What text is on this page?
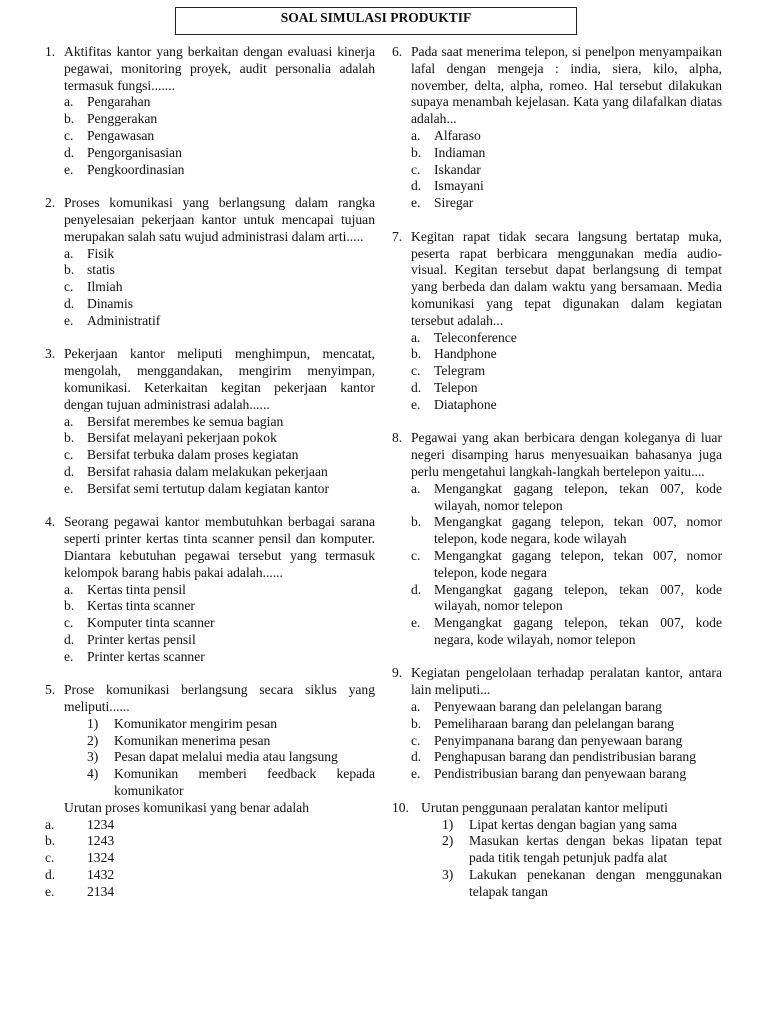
SOAL SIMULASI PRODUKTIF
1. Aktifitas kantor yang berkaitan dengan evaluasi kinerja pegawai, monitoring proyek, audit personalia adalah termasuk fungsi.......
a. Pengarahan
b. Penggerakan
c. Pengawasan
d. Pengorganisasian
e. Pengkoordinasian
2. Proses komunikasi yang berlangsung dalam rangka penyelesaian pekerjaan kantor untuk mencapai tujuan merupakan salah satu wujud administrasi dalam arti.....
a. Fisik
b. statis
c. Ilmiah
d. Dinamis
e. Administratif
3. Pekerjaan kantor meliputi menghimpun, mencatat, mengolah, menggandakan, mengirim menyimpan, komunikasi. Keterkaitan kegitan pekerjaan kantor dengan tujuan administrasi adalah......
a. Bersifat merembes ke semua bagian
b. Bersifat melayani pekerjaan pokok
c. Bersifat terbuka dalam proses kegiatan
d. Bersifat rahasia dalam melakukan pekerjaan
e. Bersifat semi tertutup dalam kegiatan kantor
4. Seorang pegawai kantor membutuhkan berbagai sarana seperti printer kertas tinta scanner pensil dan komputer. Diantara kebutuhan pegawai tersebut yang termasuk kelompok barang habis pakai adalah......
a. Kertas tinta pensil
b. Kertas tinta scanner
c. Komputer tinta scanner
d. Printer kertas pensil
e. Printer kertas scanner
5. Prose komunikasi berlangsung secara siklus yang meliputi......
1)	Komunikator mengirim pesan
2)	Komunikan menerima pesan
3)	Pesan dapat melalui media atau langsung
4)	Komunikan memberi feedback kepada komunikator
Urutan proses komunikasi yang benar adalah
a.	1234
b.	1243
c.	1324
d.	1432
e.	2134
6. Pada saat menerima telepon, si penelpon menyampaikan lafal dengan mengeja : india, siera, kilo, alpha, november, delta, alpha, romeo. Hal tersebut dilakukan supaya menambah kejelasan. Kata yang dilafalkan diatas adalah...
a. Alfaraso
b. Indiaman
c. Iskandar
d. Ismayani
e. Siregar
7. Kegitan rapat tidak secara langsung bertatap muka, peserta rapat berbicara menggunakan media audio-visual. Kegitan tersebut dapat berlangsung di tempat yang berbeda dan dalam waktu yang bersamaan. Media komunikasi yang tepat digunakan dalam kegiatan tersebut adalah...
a. Teleconference
b. Handphone
c. Telegram
d. Telepon
e. Diataphone
8. Pegawai yang akan berbicara dengan koleganya di luar negeri disamping harus menyesuaikan bahasanya juga perlu mengetahui langkah-langkah bertelepon yaitu....
a. Mengangkat gagang telepon, tekan 007, kode wilayah, nomor telepon
b. Mengangkat gagang telepon, tekan 007, nomor telepon, kode negara, kode wilayah
c. Mengangkat gagang telepon, tekan 007, nomor telepon, kode negara
d. Mengangkat gagang telepon, tekan 007, kode wilayah, nomor telepon
e. Mengangkat gagang telepon, tekan 007, kode negara, kode wilayah, nomor telepon
9. Kegiatan pengelolaan terhadap peralatan kantor, antara lain meliputi...
a. Penyewaan barang dan pelelangan barang
b. Pemeliharaan barang dan pelelangan barang
c. Penyimpanana barang dan penyewaan barang
d. Penghapusan barang dan pendistribusian barang
e. Pendistribusian barang dan penyewaan barang
10. Urutan penggunaan peralatan kantor meliputi
1)	Lipat kertas dengan bagian yang sama
2)	Masukan kertas dengan bekas lipatan tepat pada titik tengah petunjuk padfa alat
3)	Lakukan penekanan dengan menggunakan telapak tangan
